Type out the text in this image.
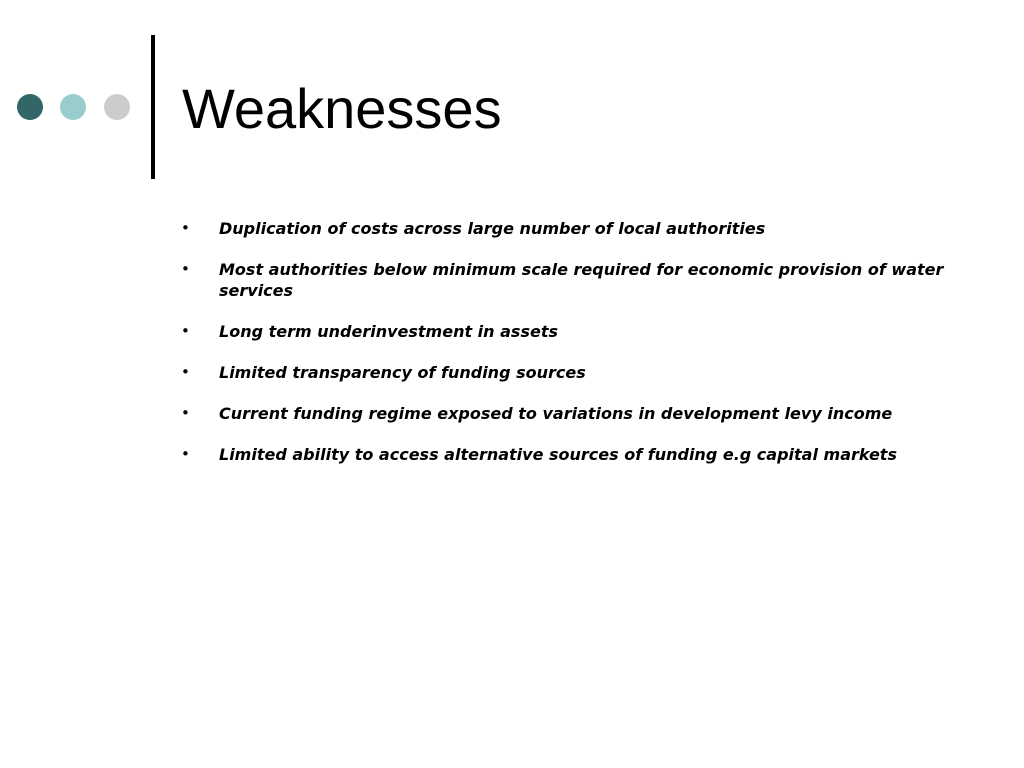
Weaknesses
• Duplication of costs across large number of local authorities
• Most authorities below minimum scale required for economic provision of water services
• Long term underinvestment in assets
• Limited transparency of funding sources
• Current funding regime exposed to variations in development levy income
• Limited ability to access alternative sources of funding e.g capital markets
